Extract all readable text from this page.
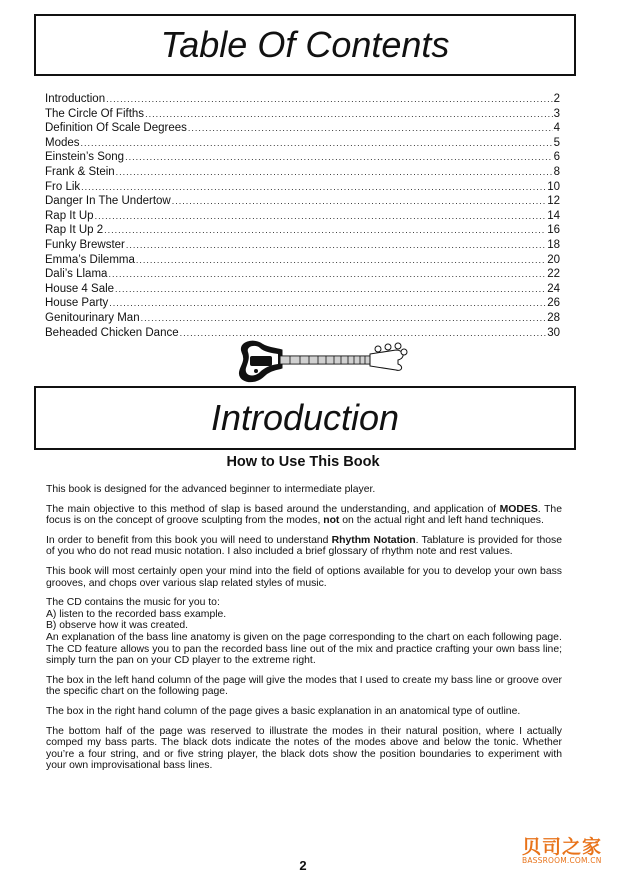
Table Of Contents
Introduction .....	2
The Circle Of Fifths .....	3
Definition Of Scale Degrees .....	4
Modes .....	5
Einstein’s Song .....	6
Frank & Stein .....	8
Fro Lik .....	10
Danger In The Undertow .....	12
Rap It Up .....	14
Rap It Up 2 .....	16
Funky Brewster .....	18
Emma’s Dilemma .....	20
Dali’s Llama .....	22
House 4 Sale .....	24
House Party .....	26
Genitourinary Man .....	28
Beheaded Chicken Dance .....	30
Introduction
How to Use This Book

This book is designed for the advanced beginner to intermediate player.

The main objective to this method of slap is based around the understanding, and application of MODES. The focus is on the concept of groove sculpting from the modes, not on the actual right and left hand techniques.

In order to benefit from this book you will need to understand Rhythm Notation. Tablature is provided for those of you who do not read music notation. I also included a brief glossary of rhythm note and rest values.

This book will most certainly open your mind into the field of options available for you to develop your own bass grooves, and chops over various slap related styles of music.

The CD contains the music for you to:

A) listen to the recorded bass example.

B) observe how it was created.

An explanation of the bass line anatomy is given on the page corresponding to the chart on each following page.

The CD feature allows you to pan the recorded bass line out of the mix and practice crafting your own bass line; simply turn the pan on your CD player to the extreme right.

The box in the left hand column of the page will give the modes that I used to create my bass line or groove over the specific chart on the following page.

The box in the right hand column of the page gives a basic explanation in an anatomical type of outline.

The bottom half of the page was reserved to illustrate the modes in their natural position, where I actually comped my bass parts. The black dots indicate the notes of the modes above and below the tonic. Whether you’re a four string, and or five string player, the black dots show the position boundaries to experiment with your own improvisational bass lines.

2
贝司之家
BASSROOM.COM.CN
